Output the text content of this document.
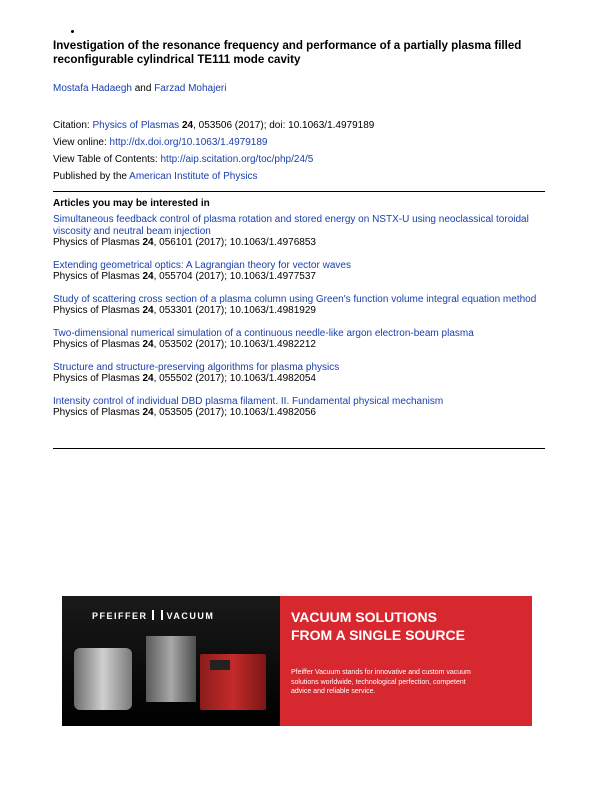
Investigation of the resonance frequency and performance of a partially plasma filled reconfigurable cylindrical TE111 mode cavity
Mostafa Hadaegh and Farzad Mohajeri
Citation: Physics of Plasmas 24, 053506 (2017); doi: 10.1063/1.4979189
View online: http://dx.doi.org/10.1063/1.4979189
View Table of Contents: http://aip.scitation.org/toc/php/24/5
Published by the American Institute of Physics
Articles you may be interested in
Simultaneous feedback control of plasma rotation and stored energy on NSTX-U using neoclassical toroidal viscosity and neutral beam injection
Physics of Plasmas 24, 056101 (2017); 10.1063/1.4976853
Extending geometrical optics: A Lagrangian theory for vector waves
Physics of Plasmas 24, 055704 (2017); 10.1063/1.4977537
Study of scattering cross section of a plasma column using Green's function volume integral equation method
Physics of Plasmas 24, 053301 (2017); 10.1063/1.4981929
Two-dimensional numerical simulation of a continuous needle-like argon electron-beam plasma
Physics of Plasmas 24, 053502 (2017); 10.1063/1.4982212
Structure and structure-preserving algorithms for plasma physics
Physics of Plasmas 24, 055502 (2017); 10.1063/1.4982054
Intensity control of individual DBD plasma filament. II. Fundamental physical mechanism
Physics of Plasmas 24, 053505 (2017); 10.1063/1.4982056
PFEIFFER VACUUM	VACUUM SOLUTIONS
FROM A SINGLE SOURCE
Pfeiffer Vacuum stands for innovative and custom vacuum solutions worldwide, technological perfection, competent advice and reliable service.
